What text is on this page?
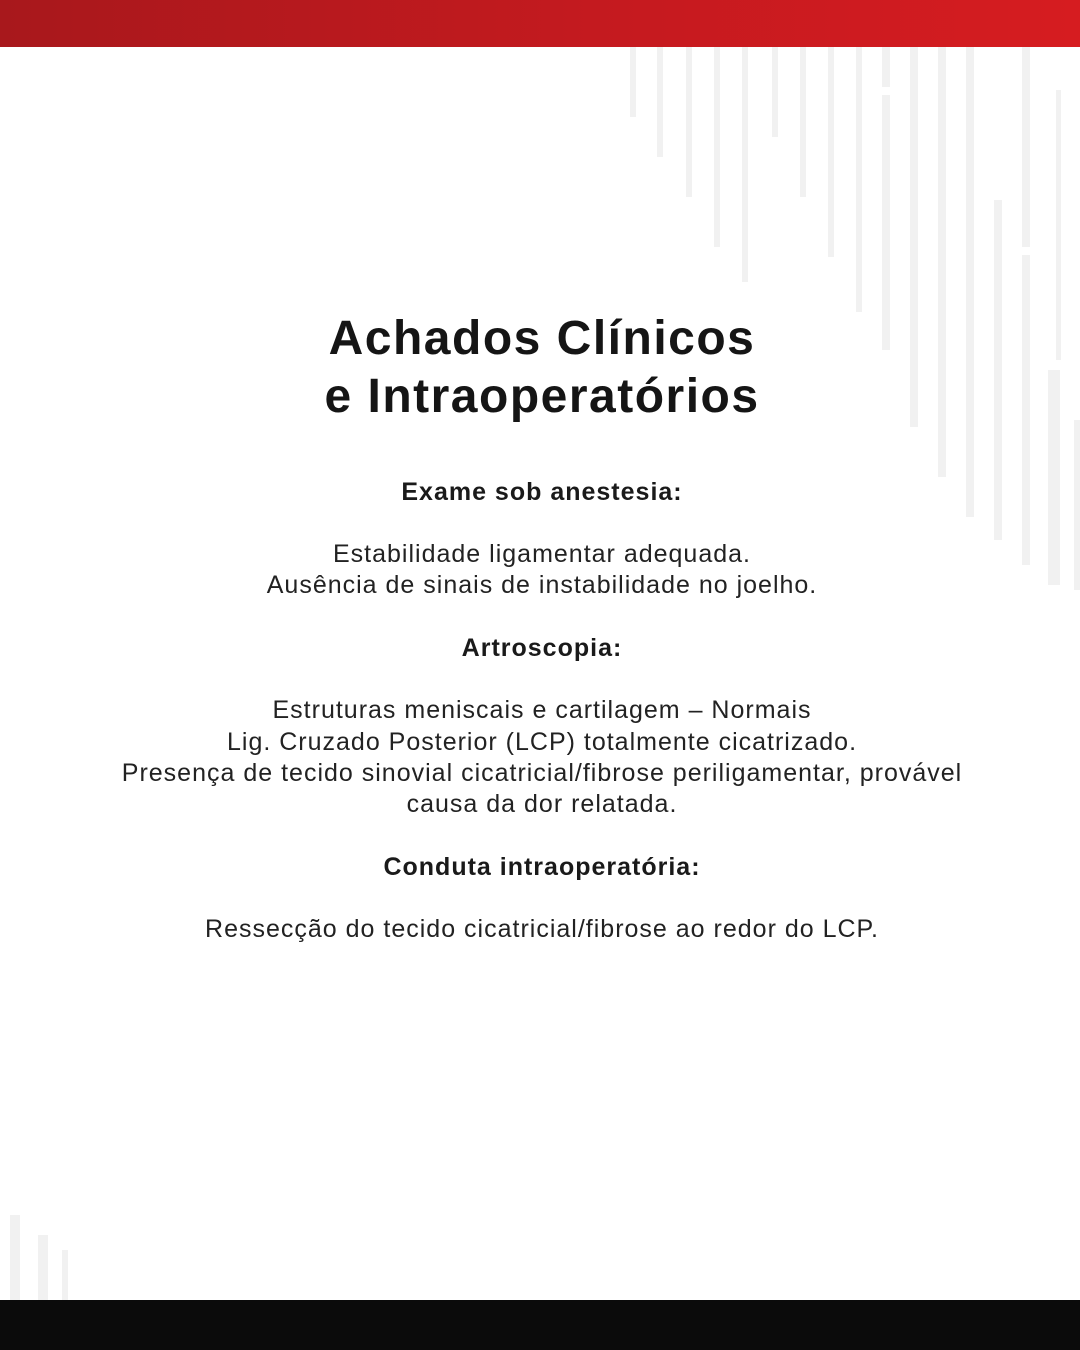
Achados Clínicos
e Intraoperatórios
Exame sob anestesia:
Estabilidade ligamentar adequada.
Ausência de sinais de instabilidade no joelho.
Artroscopia:
Estruturas meniscais e cartilagem – Normais
Lig. Cruzado Posterior (LCP) totalmente cicatrizado.
Presença de tecido sinovial cicatricial/fibrose periligamentar, provável
causa da dor relatada.
Conduta intraoperatória:
Ressecção do tecido cicatricial/fibrose ao redor do LCP.
